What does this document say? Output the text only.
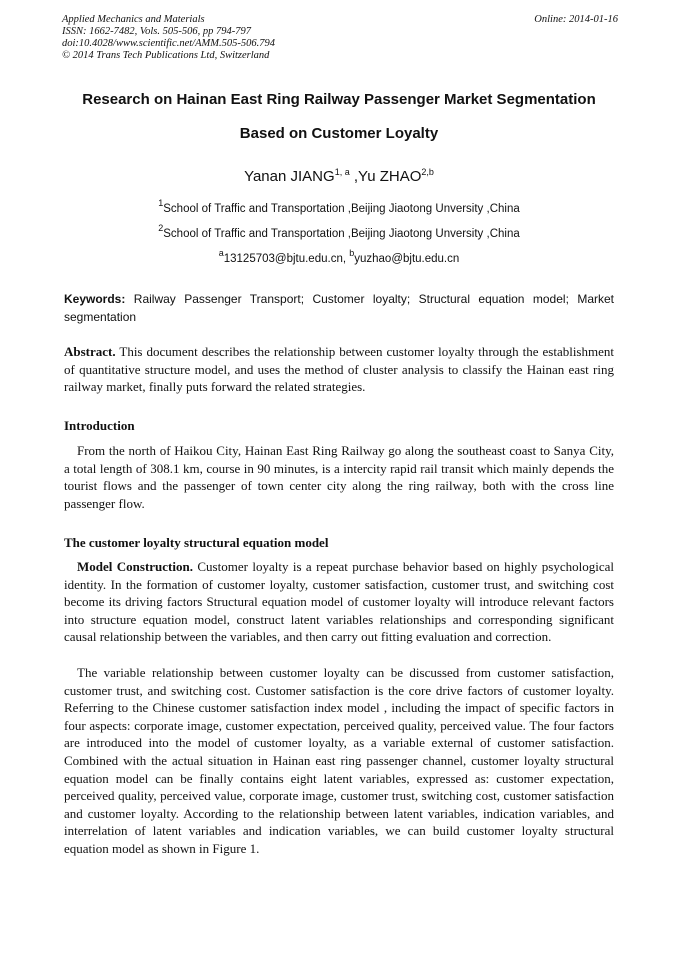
Applied Mechanics and Materials
ISSN: 1662-7482, Vols. 505-506, pp 794-797
doi:10.4028/www.scientific.net/AMM.505-506.794
© 2014 Trans Tech Publications Ltd, Switzerland
Online: 2014-01-16
Research on Hainan East Ring Railway Passenger Market Segmentation
Based on Customer Loyalty
Yanan JIANG$^{1, a}$ ,Yu ZHAO$^{2,b}$
$^1$School of Traffic and Transportation ,Beijing Jiaotong Unversity ,China
$^2$School of Traffic and Transportation ,Beijing Jiaotong Unversity ,China
$^a$13125703@bjtu.edu.cn, $^b$yuzhao@bjtu.edu.cn
Keywords: Railway Passenger Transport; Customer loyalty; Structural equation model; Market segmentation
Abstract. This document describes the relationship between customer loyalty through the establishment of quantitative structure model, and uses the method of cluster analysis to classify the Hainan east ring railway market, finally puts forward the related strategies.
Introduction
From the north of Haikou City, Hainan East Ring Railway go along the southeast coast to Sanya City, a total length of 308.1 km, course in 90 minutes, is a intercity rapid rail transit which mainly depends the tourist flows and the passenger of town center city along the ring railway, both with the cross line passenger flow.
The customer loyalty structural equation model
Model Construction. Customer loyalty is a repeat purchase behavior based on highly psychological identity. In the formation of customer loyalty, customer satisfaction, customer trust, and switching cost become its driving factors Structural equation model of customer loyalty will introduce relevant factors into structure equation model, construct latent variables relationships and corresponding significant causal relationship between the variables, and then carry out fitting evaluation and correction.
The variable relationship between customer loyalty can be discussed from customer satisfaction, customer trust, and switching cost. Customer satisfaction is the core drive factors of customer loyalty. Referring to the Chinese customer satisfaction index model , including the impact of specific factors in four aspects: corporate image, customer expectation, perceived quality, perceived value. The four factors are introduced into the model of customer loyalty, as a variable external of customer satisfaction. Combined with the actual situation in Hainan east ring passenger channel, customer loyalty structural equation model can be finally contains eight latent variables, expressed as: customer expectation, perceived quality, perceived value, corporate image, customer trust, switching cost, customer satisfaction and customer loyalty. According to the relationship between latent variables, indication variables, and interrelation of latent variables and indication variables, we can build customer loyalty structural equation model as shown in Figure 1.
